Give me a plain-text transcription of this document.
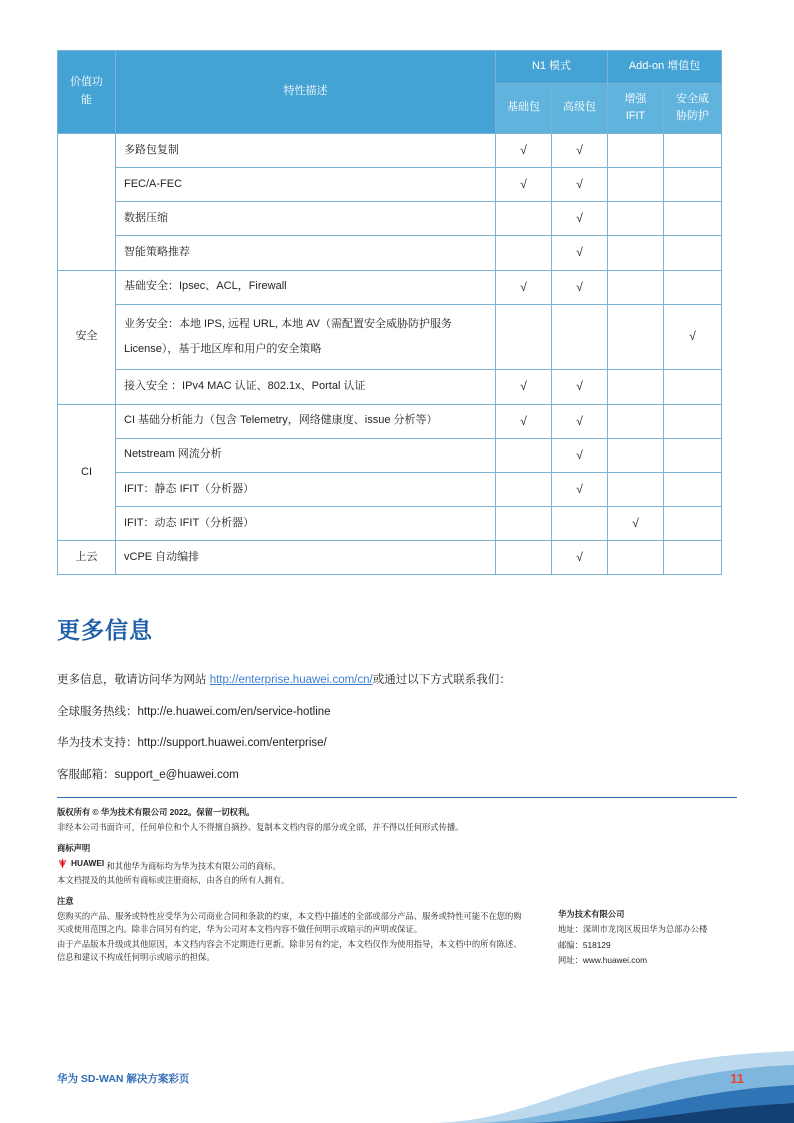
价值功能	特性描述	N1 模式		Add-on 增值包	
		基础包	高级包	增强 IFIT	安全威胁防护
	多路包复制	√	√		
	FEC/A-FEC	√	√		
	数据压缩		√		
	智能策略推荐		√		
安全	基础安全：Ipsec、ACL，Firewall	√	√		
	业务安全：本地 IPS, 远程 URL, 本地 AV（需配置安全威胁防护服务 License），基于地区库和用户的安全策略				√
	接入安全 ：IPv4 MAC 认证、802.1x、Portal 认证	√	√		
CI	CI 基础分析能力（包含 Telemetry，网络健康度、issue 分析等）	√	√		
	Netstream 网流分析		√		
	IFIT：静态 IFIT（分析器）		√		
	IFIT：动态 IFIT（分析器）			√	
上云	vCPE 自动编排		√		
更多信息
更多信息，敬请访问华为网站 http://enterprise.huawei.com/cn/或通过以下方式联系我们：
全球服务热线：http://e.huawei.com/en/service-hotline
华为技术支持：http://support.huawei.com/enterprise/
客服邮箱：support_e@huawei.com

版权所有 © 华为技术有限公司 2022。保留一切权利。

非经本公司书面许可，任何单位和个人不得擅自摘抄、复制本文档内容的部分或全部，并不得以任何形式传播。

商标声明

HUAWEI 和其他华为商标均为华为技术有限公司的商标。

本文档提及的其他所有商标或注册商标，由各自的所有人拥有。

注意

您购买的产品、服务或特性应受华为公司商业合同和条款的约束，本文档中描述的全部或部分产品、服务或特性可能不在您的购买或使用范围之内。除非合同另有约定，华为公司对本文档内容不做任何明示或暗示的声明或保证。

由于产品版本升级或其他原因，本文档内容会不定期进行更新。除非另有约定，本文档仅作为使用指导，本文档中的所有陈述、信息和建议不构成任何明示或暗示的担保。

华为技术有限公司
地址：深圳市龙岗区坂田华为总部办公楼
邮编：518129
网址：www.huawei.com
华为 SD-WAN 解决方案彩页	11
